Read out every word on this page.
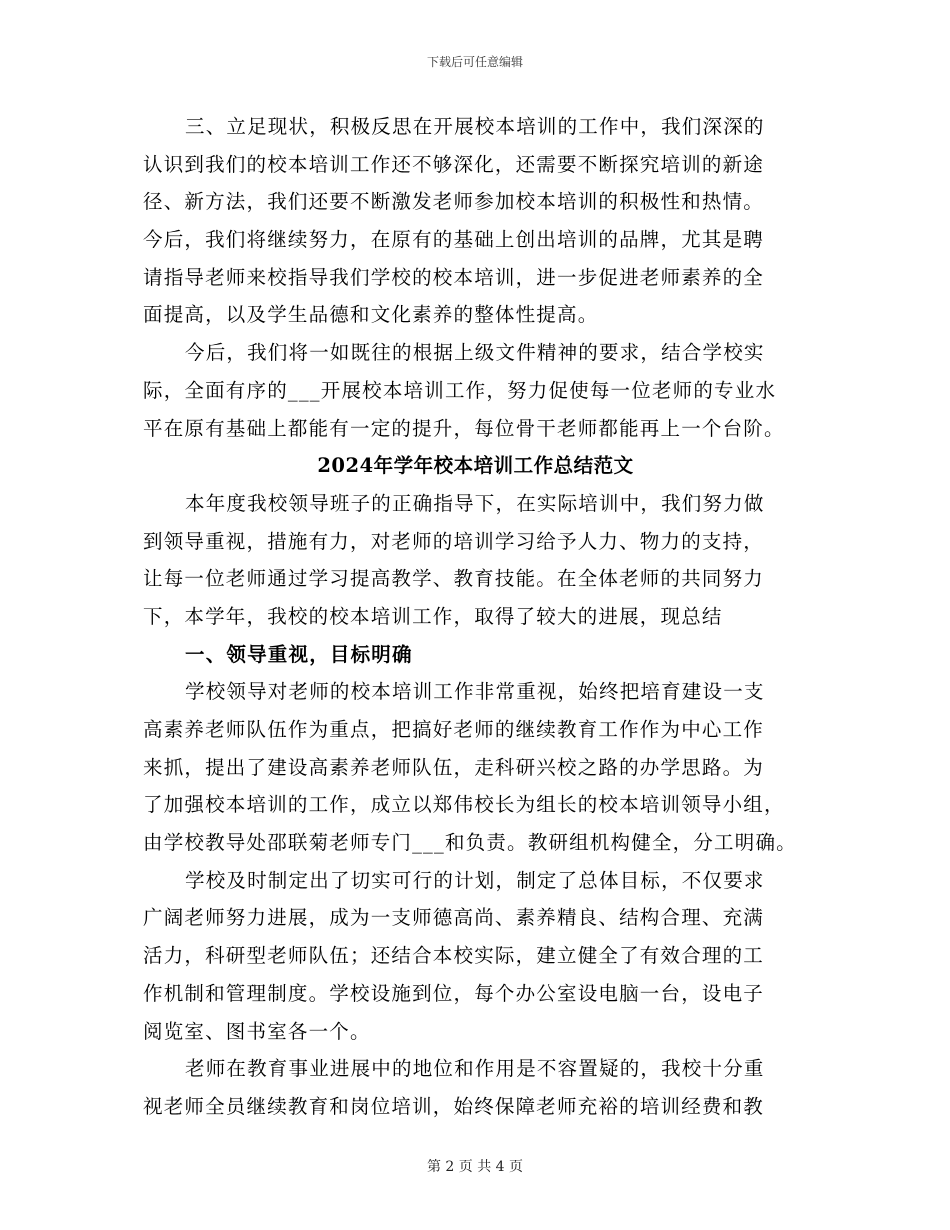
下载后可任意编辑
三、立足现状，积极反思在开展校本培训的工作中，我们深深的
认识到我们的校本培训工作还不够深化，还需要不断探究培训的新途
径、新方法，我们还要不断激发老师参加校本培训的积极性和热情。
今后，我们将继续努力，在原有的基础上创出培训的品牌，尤其是聘
请指导老师来校指导我们学校的校本培训，进一步促进老师素养的全
面提高，以及学生品德和文化素养的整体性提高。
今后，我们将一如既往的根据上级文件精神的要求，结合学校实
际，全面有序的___开展校本培训工作，努力促使每一位老师的专业水
平在原有基础上都能有一定的提升，每位骨干老师都能再上一个台阶。
2024年学年校本培训工作总结范文
本年度我校领导班子的正确指导下，在实际培训中，我们努力做
到领导重视，措施有力，对老师的培训学习给予人力、物力的支持，
让每一位老师通过学习提高教学、教育技能。在全体老师的共同努力
下，本学年，我校的校本培训工作，取得了较大的进展，现总结
一、领导重视，目标明确
学校领导对老师的校本培训工作非常重视，始终把培育建设一支
高素养老师队伍作为重点，把搞好老师的继续教育工作作为中心工作
来抓，提出了建设高素养老师队伍，走科研兴校之路的办学思路。为
了加强校本培训的工作，成立以郑伟校长为组长的校本培训领导小组，
由学校教导处邵联菊老师专门___和负责。教研组机构健全，分工明确。
学校及时制定出了切实可行的计划，制定了总体目标，不仅要求
广阔老师努力进展，成为一支师德高尚、素养精良、结构合理、充满
活力，科研型老师队伍；还结合本校实际，建立健全了有效合理的工
作机制和管理制度。学校设施到位，每个办公室设电脑一台，设电子
阅览室、图书室各一个。
老师在教育事业进展中的地位和作用是不容置疑的，我校十分重
视老师全员继续教育和岗位培训，始终保障老师充裕的培训经费和教
第 2 页 共 4 页
